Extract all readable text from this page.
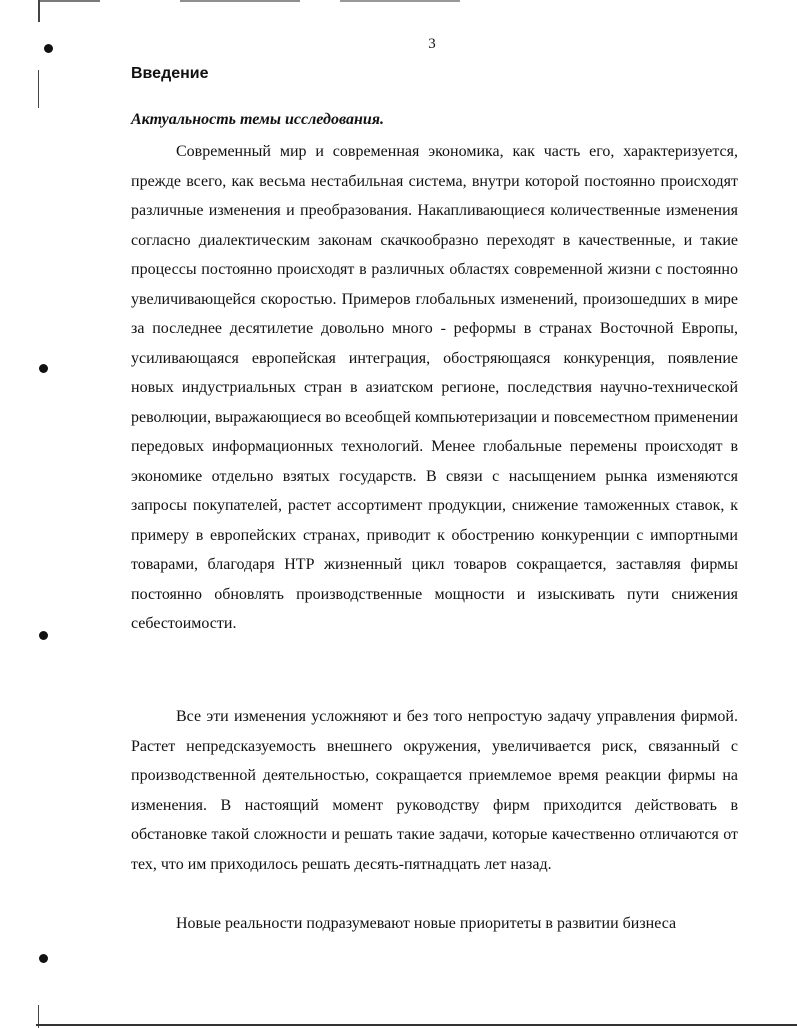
3
Введение
Актуальность темы исследования.

Современный мир и современная экономика, как часть его, характеризуется, прежде всего, как весьма нестабильная система, внутри которой постоянно происходят различные изменения и преобразования. Накапливающиеся количественные изменения согласно диалектическим законам скачкообразно переходят в качественные, и такие процессы постоянно происходят в различных областях современной жизни с постоянно увеличивающейся скоростью. Примеров глобальных изменений, произошедших в мире за последнее десятилетие довольно много - реформы в странах Восточной Европы, усиливающаяся европейская интеграция, обостряющаяся конкуренция, появление новых индустриальных стран в азиатском регионе, последствия научно-технической революции, выражающиеся во всеобщей компьютеризации и повсеместном применении передовых информационных технологий. Менее глобальные перемены происходят в экономике отдельно взятых государств. В связи с насыщением рынка изменяются запросы покупателей, растет ассортимент продукции, снижение таможенных ставок, к примеру в европейских странах, приводит к обострению конкуренции с импортными товарами, благодаря НТР жизненный цикл товаров сокращается, заставляя фирмы постоянно обновлять производственные мощности и изыскивать пути снижения себестоимости.

Все эти изменения усложняют и без того непростую задачу управления фирмой. Растет непредсказуемость внешнего окружения, увеличивается риск, связанный с производственной деятельностью, сокращается приемлемое время реакции фирмы на изменения. В настоящий момент руководству фирм приходится действовать в обстановке такой сложности и решать такие задачи, которые качественно отличаются от тех, что им приходилось решать десять-пятнадцать лет назад.

Новые реальности подразумевают новые приоритеты в развитии бизнеса
